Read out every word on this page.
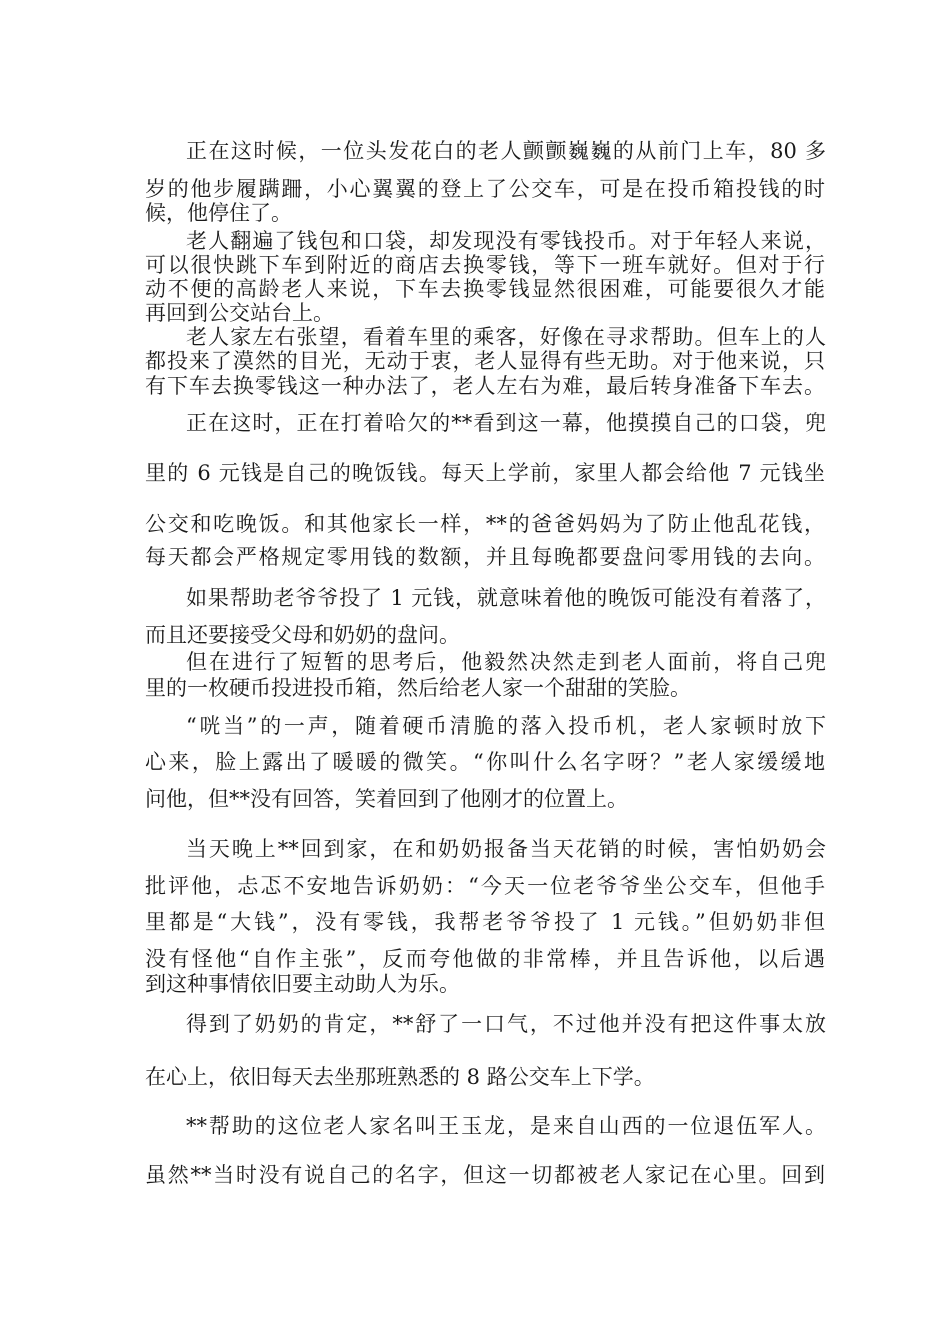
正在这时候，一位头发花白的老人颤颤巍巍的从前门上车，80 多
岁的他步履蹒跚，小心翼翼的登上了公交车，可是在投币箱投钱的时
候，他停住了。
老人翻遍了钱包和口袋，却发现没有零钱投币。对于年轻人来说，
可以很快跳下车到附近的商店去换零钱，等下一班车就好。但对于行
动不便的高龄老人来说，下车去换零钱显然很困难，可能要很久才能
再回到公交站台上。
老人家左右张望，看着车里的乘客，好像在寻求帮助。但车上的人
都投来了漠然的目光，无动于衷，老人显得有些无助。对于他来说，只
有下车去换零钱这一种办法了，老人左右为难，最后转身准备下车去。
正在这时，正在打着哈欠的**看到这一幕，他摸摸自己的口袋，兜
里的 6 元钱是自己的晚饭钱。每天上学前，家里人都会给他 7 元钱坐
公交和吃晚饭。和其他家长一样，**的爸爸妈妈为了防止他乱花钱，
每天都会严格规定零用钱的数额，并且每晚都要盘问零用钱的去向。
如果帮助老爷爷投了 1 元钱，就意味着他的晚饭可能没有着落了，
而且还要接受父母和奶奶的盘问。
但在进行了短暂的思考后，他毅然决然走到老人面前，将自己兜
里的一枚硬币投进投币箱，然后给老人家一个甜甜的笑脸。
“咣当”的一声，随着硬币清脆的落入投币机，老人家顿时放下
心来，脸上露出了暖暖的微笑。“你叫什么名字呀？”老人家缓缓地
问他，但**没有回答，笑着回到了他刚才的位置上。
当天晚上**回到家，在和奶奶报备当天花销的时候，害怕奶奶会
批评他，忐忑不安地告诉奶奶：“今天一位老爷爷坐公交车，但他手
里都是“大钱”，没有零钱，我帮老爷爷投了 1 元钱。”但奶奶非但
没有怪他“自作主张”，反而夸他做的非常棒，并且告诉他，以后遇
到这种事情依旧要主动助人为乐。
得到了奶奶的肯定，**舒了一口气，不过他并没有把这件事太放
在心上，依旧每天去坐那班熟悉的 8 路公交车上下学。
**帮助的这位老人家名叫王玉龙，是来自山西的一位退伍军人。
虽然**当时没有说自己的名字，但这一切都被老人家记在心里。回到
